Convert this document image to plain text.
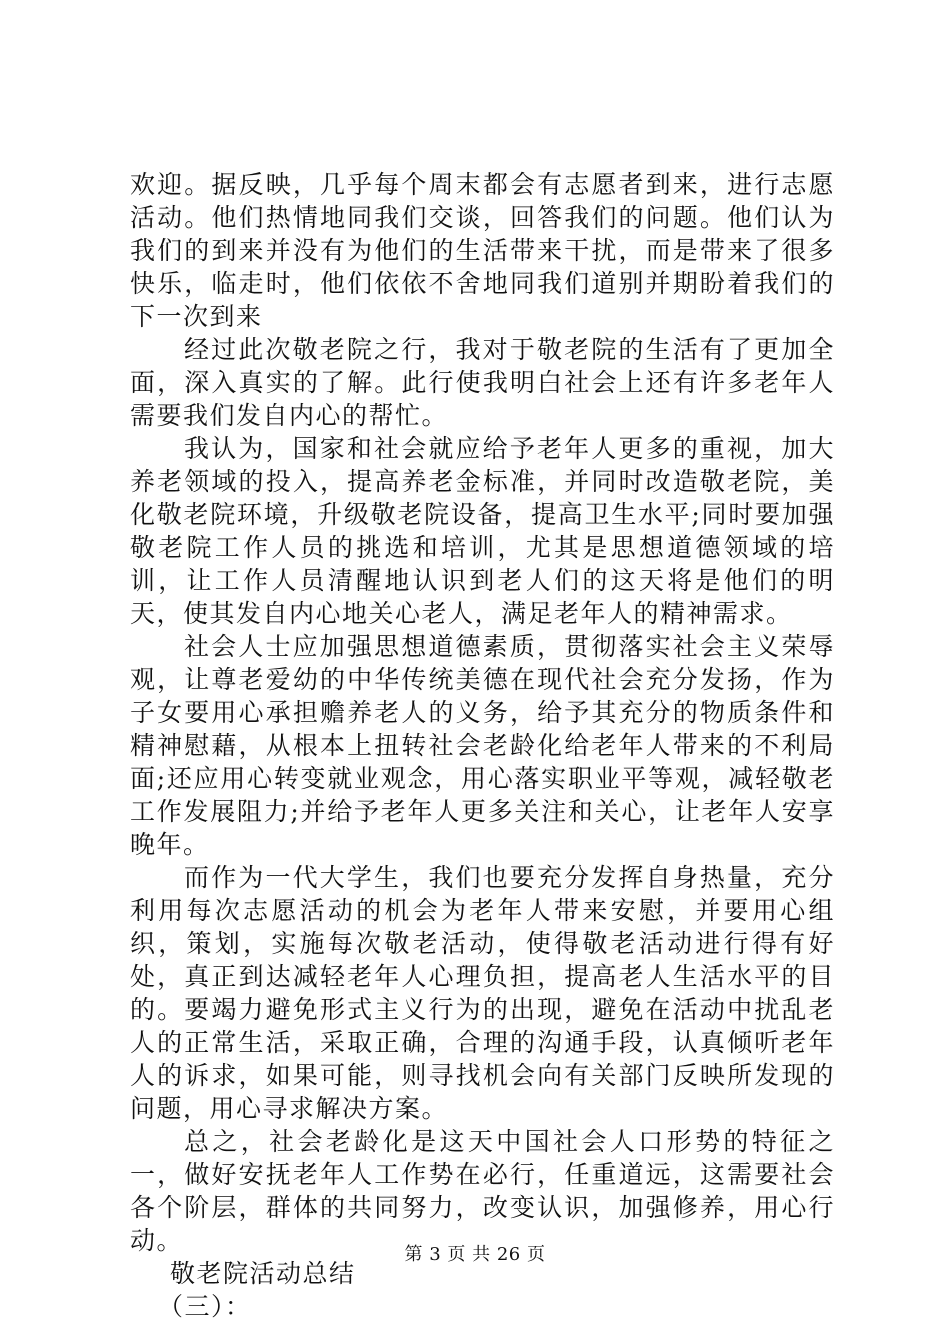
欢迎。据反映，几乎每个周末都会有志愿者到来，进行志愿活动。他们热情地同我们交谈，回答我们的问题。他们认为我们的到来并没有为他们的生活带来干扰，而是带来了很多快乐，临走时，他们依依不舍地同我们道别并期盼着我们的下一次到来

经过此次敬老院之行，我对于敬老院的生活有了更加全面，深入真实的了解。此行使我明白社会上还有许多老年人需要我们发自内心的帮忙。

我认为，国家和社会就应给予老年人更多的重视，加大养老领域的投入，提高养老金标准，并同时改造敬老院，美化敬老院环境，升级敬老院设备，提高卫生水平;同时要加强敬老院工作人员的挑选和培训，尤其是思想道德领域的培训，让工作人员清醒地认识到老人们的这天将是他们的明天，使其发自内心地关心老人，满足老年人的精神需求。

社会人士应加强思想道德素质，贯彻落实社会主义荣辱观，让尊老爱幼的中华传统美德在现代社会充分发扬，作为子女要用心承担赡养老人的义务，给予其充分的物质条件和精神慰藉，从根本上扭转社会老龄化给老年人带来的不利局面;还应用心转变就业观念，用心落实职业平等观，减轻敬老工作发展阻力;并给予老年人更多关注和关心，让老年人安享晚年。

而作为一代大学生，我们也要充分发挥自身热量，充分利用每次志愿活动的机会为老年人带来安慰，并要用心组织，策划，实施每次敬老活动，使得敬老活动进行得有好处，真正到达减轻老年人心理负担，提高老人生活水平的目的。要竭力避免形式主义行为的出现，避免在活动中扰乱老人的正常生活，采取正确，合理的沟通手段，认真倾听老年人的诉求，如果可能，则寻找机会向有关部门反映所发现的问题，用心寻求解决方案。

总之，社会老龄化是这天中国社会人口形势的特征之一，做好安抚老年人工作势在必行，任重道远，这需要社会各个阶层，群体的共同努力，改变认识，加强修养，用心行动。

敬老院活动总结

（三）：

第 3 页 共 26 页
